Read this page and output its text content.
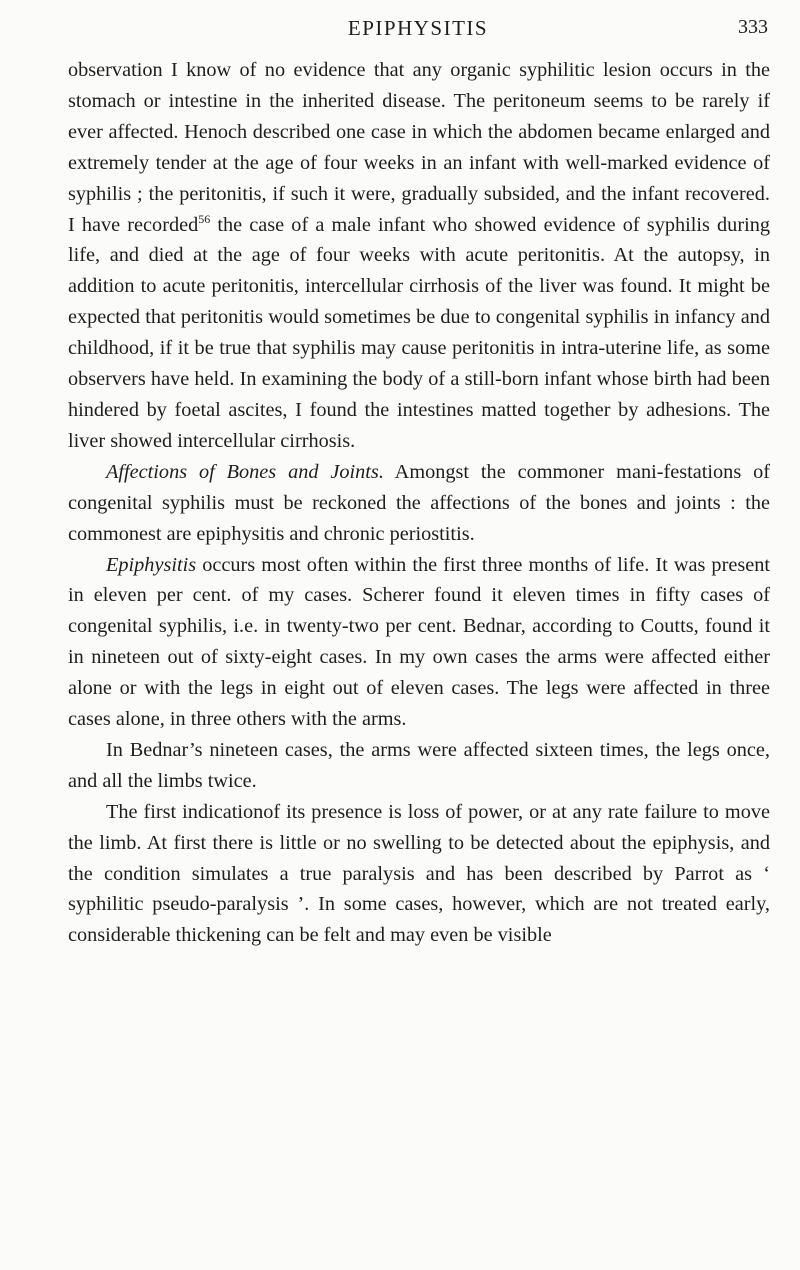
EPIPHYSITIS	333

observation I know of no evidence that any organic syphilitic lesion occurs in the stomach or intestine in the inherited disease. The peritoneum seems to be rarely if ever affected. Henoch described one case in which the abdomen became enlarged and extremely tender at the age of four weeks in an infant with well-marked evidence of syphilis ; the peritonitis, if such it were, gradually subsided, and the infant recovered. I have recorded$^{56}$ the case of a male infant who showed evidence of syphilis during life, and died at the age of four weeks with acute peritonitis. At the autopsy, in addition to acute peritonitis, intercellular cirrhosis of the liver was found. It might be expected that peritonitis would sometimes be due to congenital syphilis in infancy and childhood, if it be true that syphilis may cause peritonitis in intra-uterine life, as some observers have held. In examining the body of a still-born infant whose birth had been hindered by foetal ascites, I found the intestines matted together by adhesions. The liver showed intercellular cirrhosis.

Affections of Bones and Joints. Amongst the commoner mani-festations of congenital syphilis must be reckoned the affections of the bones and joints : the commonest are epiphysitis and chronic periostitis.

Epiphysitis occurs most often within the first three months of life. It was present in eleven per cent. of my cases. Scherer found it eleven times in fifty cases of congenital syphilis, i.e. in twenty-two per cent. Bednar, according to Coutts, found it in nineteen out of sixty-eight cases. In my own cases the arms were affected either alone or with the legs in eight out of eleven cases. The legs were affected in three cases alone, in three others with the arms.

In Bednar’s nineteen cases, the arms were affected sixteen times, the legs once, and all the limbs twice.

The first indicationof its presence is loss of power, or at any rate failure to move the limb. At first there is little or no swelling to be detected about the epiphysis, and the condition simulates a true paralysis and has been described by Parrot as ‘ syphilitic pseudo-paralysis ’. In some cases, however, which are not treated early, considerable thickening can be felt and may even be visible
